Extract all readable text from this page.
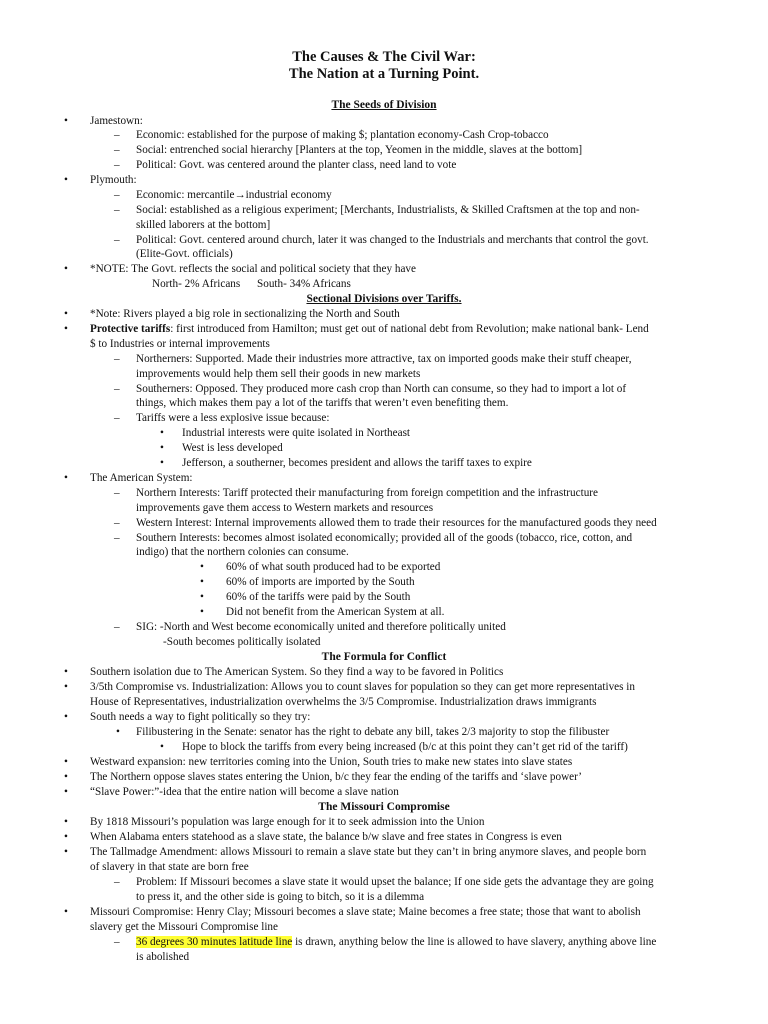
The Causes & The Civil War:
The Nation at a Turning Point.
The Seeds of Division
• Jamestown:
– Economic: established for the purpose of making $; plantation economy-Cash Crop-tobacco
– Social: entrenched social hierarchy [Planters at the top, Yeomen in the middle, slaves at the bottom]
– Political: Govt. was centered around the planter class, need land to vote
• Plymouth:
– Economic: mercantile→industrial economy
– Social: established as a religious experiment; [Merchants, Industrialists, & Skilled Craftsmen at the top and non-
skilled laborers at the bottom]
– Political: Govt. centered around church, later it was changed to the Industrials and merchants that control the govt.
(Elite-Govt. officials)
• *NOTE: The Govt. reflects the social and political society that they have
North- 2% Africans      South- 34% Africans
Sectional Divisions over Tariffs.
• *Note: Rivers played a big role in sectionalizing the North and South
• Protective tariffs: first introduced from Hamilton; must get out of national debt from Revolution; make national bank- Lend
$ to Industries or internal improvements
– Northerners: Supported. Made their industries more attractive, tax on imported goods make their stuff cheaper,
improvements would help them sell their goods in new markets
– Southerners: Opposed. They produced more cash crop than North can consume, so they had to import a lot of
things, which makes them pay a lot of the tariffs that weren’t even benefiting them.
– Tariffs were a less explosive issue because:
• Industrial interests were quite isolated in Northeast
• West is less developed
• Jefferson, a southerner, becomes president and allows the tariff taxes to expire
• The American System:
– Northern Interests: Tariff protected their manufacturing from foreign competition and the infrastructure
improvements gave them access to Western markets and resources
– Western Interest: Internal improvements allowed them to trade their resources for the manufactured goods they need
– Southern Interests: becomes almost isolated economically; provided all of the goods (tobacco, rice, cotton, and
indigo) that the northern colonies can consume.
• 60% of what south produced had to be exported
• 60% of imports are imported by the South
• 60% of the tariffs were paid by the South
• Did not benefit from the American System at all.
– SIG: -North and West become economically united and therefore politically united
-South becomes politically isolated
The Formula for Conflict
• Southern isolation due to The American System. So they find a way to be favored in Politics
• 3/5th Compromise vs. Industrialization: Allows you to count slaves for population so they can get more representatives in
House of Representatives, industrialization overwhelms the 3/5 Compromise. Industrialization draws immigrants
• South needs a way to fight politically so they try:
• Filibustering in the Senate: senator has the right to debate any bill, takes 2/3 majority to stop the filibuster
• Hope to block the tariffs from every being increased (b/c at this point they can’t get rid of the tariff)
• Westward expansion: new territories coming into the Union, South tries to make new states into slave states
• The Northern oppose slaves states entering the Union, b/c they fear the ending of the tariffs and ‘slave power’
• “Slave Power:”-idea that the entire nation will become a slave nation
The Missouri Compromise
• By 1818 Missouri’s population was large enough for it to seek admission into the Union
• When Alabama enters statehood as a slave state, the balance b/w slave and free states in Congress is even
• The Tallmadge Amendment: allows Missouri to remain a slave state but they can’t in bring anymore slaves, and people born
of slavery in that state are born free
– Problem: If Missouri becomes a slave state it would upset the balance; If one side gets the advantage they are going
to press it, and the other side is going to bitch, so it is a dilemma
• Missouri Compromise: Henry Clay; Missouri becomes a slave state; Maine becomes a free state; those that want to abolish
slavery get the Missouri Compromise line
– 36 degrees 30 minutes latitude line is drawn, anything below the line is allowed to have slavery, anything above line
is abolished
